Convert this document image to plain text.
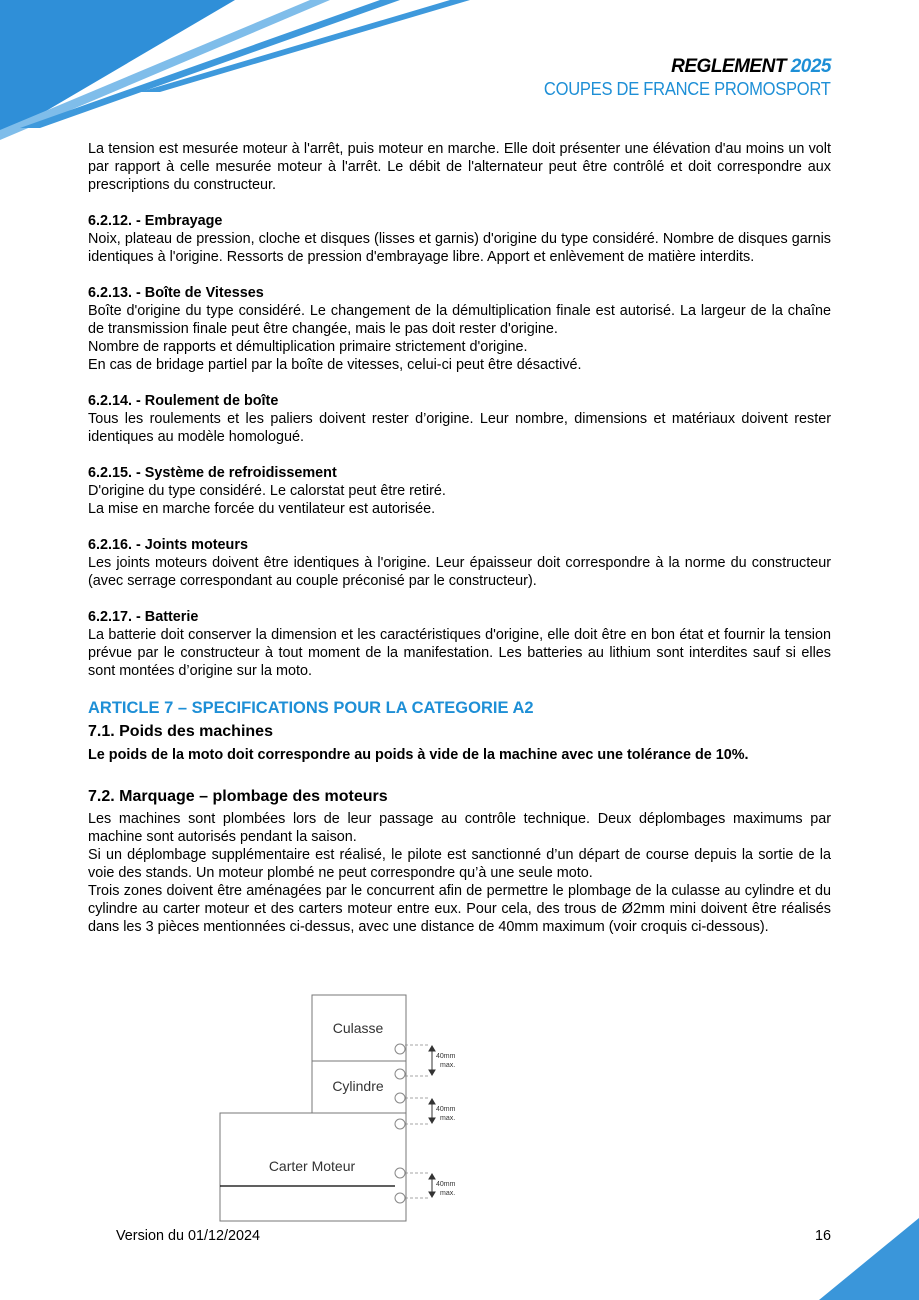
REGLEMENT 2025
COUPES DE FRANCE PROMOSPORT

La tension est mesurée moteur à l'arrêt, puis moteur en marche. Elle doit présenter une élévation d'au moins un volt par rapport à celle mesurée moteur à l'arrêt. Le débit de l'alternateur peut être contrôlé et doit correspondre aux prescriptions du constructeur.

6.2.12. - Embrayage

Noix, plateau de pression, cloche et disques (lisses et garnis) d'origine du type considéré. Nombre de disques garnis identiques à l'origine. Ressorts de pression d'embrayage libre. Apport et enlèvement de matière interdits.

6.2.13. - Boîte de Vitesses

Boîte d'origine du type considéré. Le changement de la démultiplication finale est autorisé. La largeur de la chaîne de transmission finale peut être changée, mais le pas doit rester d'origine.

Nombre de rapports et démultiplication primaire strictement d'origine.

En cas de bridage partiel par la boîte de vitesses, celui-ci peut être désactivé.

6.2.14. - Roulement de boîte

Tous les roulements et les paliers doivent rester d’origine. Leur nombre, dimensions et matériaux doivent rester identiques au modèle homologué.

6.2.15. - Système de refroidissement

D'origine du type considéré. Le calorstat peut être retiré.

La mise en marche forcée du ventilateur est autorisée.

6.2.16. - Joints moteurs

Les joints moteurs doivent être identiques à l'origine. Leur épaisseur doit correspondre à la norme du constructeur (avec serrage correspondant au couple préconisé par le constructeur).

6.2.17. - Batterie

La batterie doit conserver la dimension et les caractéristiques d'origine, elle doit être en bon état et fournir la tension prévue par le constructeur à tout moment de la manifestation. Les batteries au lithium sont interdites sauf si elles sont montées d’origine sur la moto.

ARTICLE 7 – SPECIFICATIONS POUR LA CATEGORIE A2
7.1. Poids des machines

Le poids de la moto doit correspondre au poids à vide de la machine avec une tolérance de 10%.

7.2. Marquage – plombage des moteurs

Les machines sont plombées lors de leur passage au contrôle technique. Deux déplombages maximums par machine sont autorisés pendant la saison.

Si un déplombage supplémentaire est réalisé, le pilote est sanctionné d’un départ de course depuis la sortie de la voie des stands. Un moteur plombé ne peut correspondre qu’à une seule moto.

Trois zones doivent être aménagées par le concurrent afin de permettre le plombage de la culasse au cylindre et du cylindre au carter moteur et des carters moteur entre eux. Pour cela, des trous de Ø2mm mini doivent être réalisés dans les 3 pièces mentionnées ci-dessus, avec une distance de 40mm maximum (voir croquis ci-dessous).

Culasse
Cylindre
Carter Moteur
40mm
max.
40mm
max.
40mm
max.
Version du 01/12/2024	16
